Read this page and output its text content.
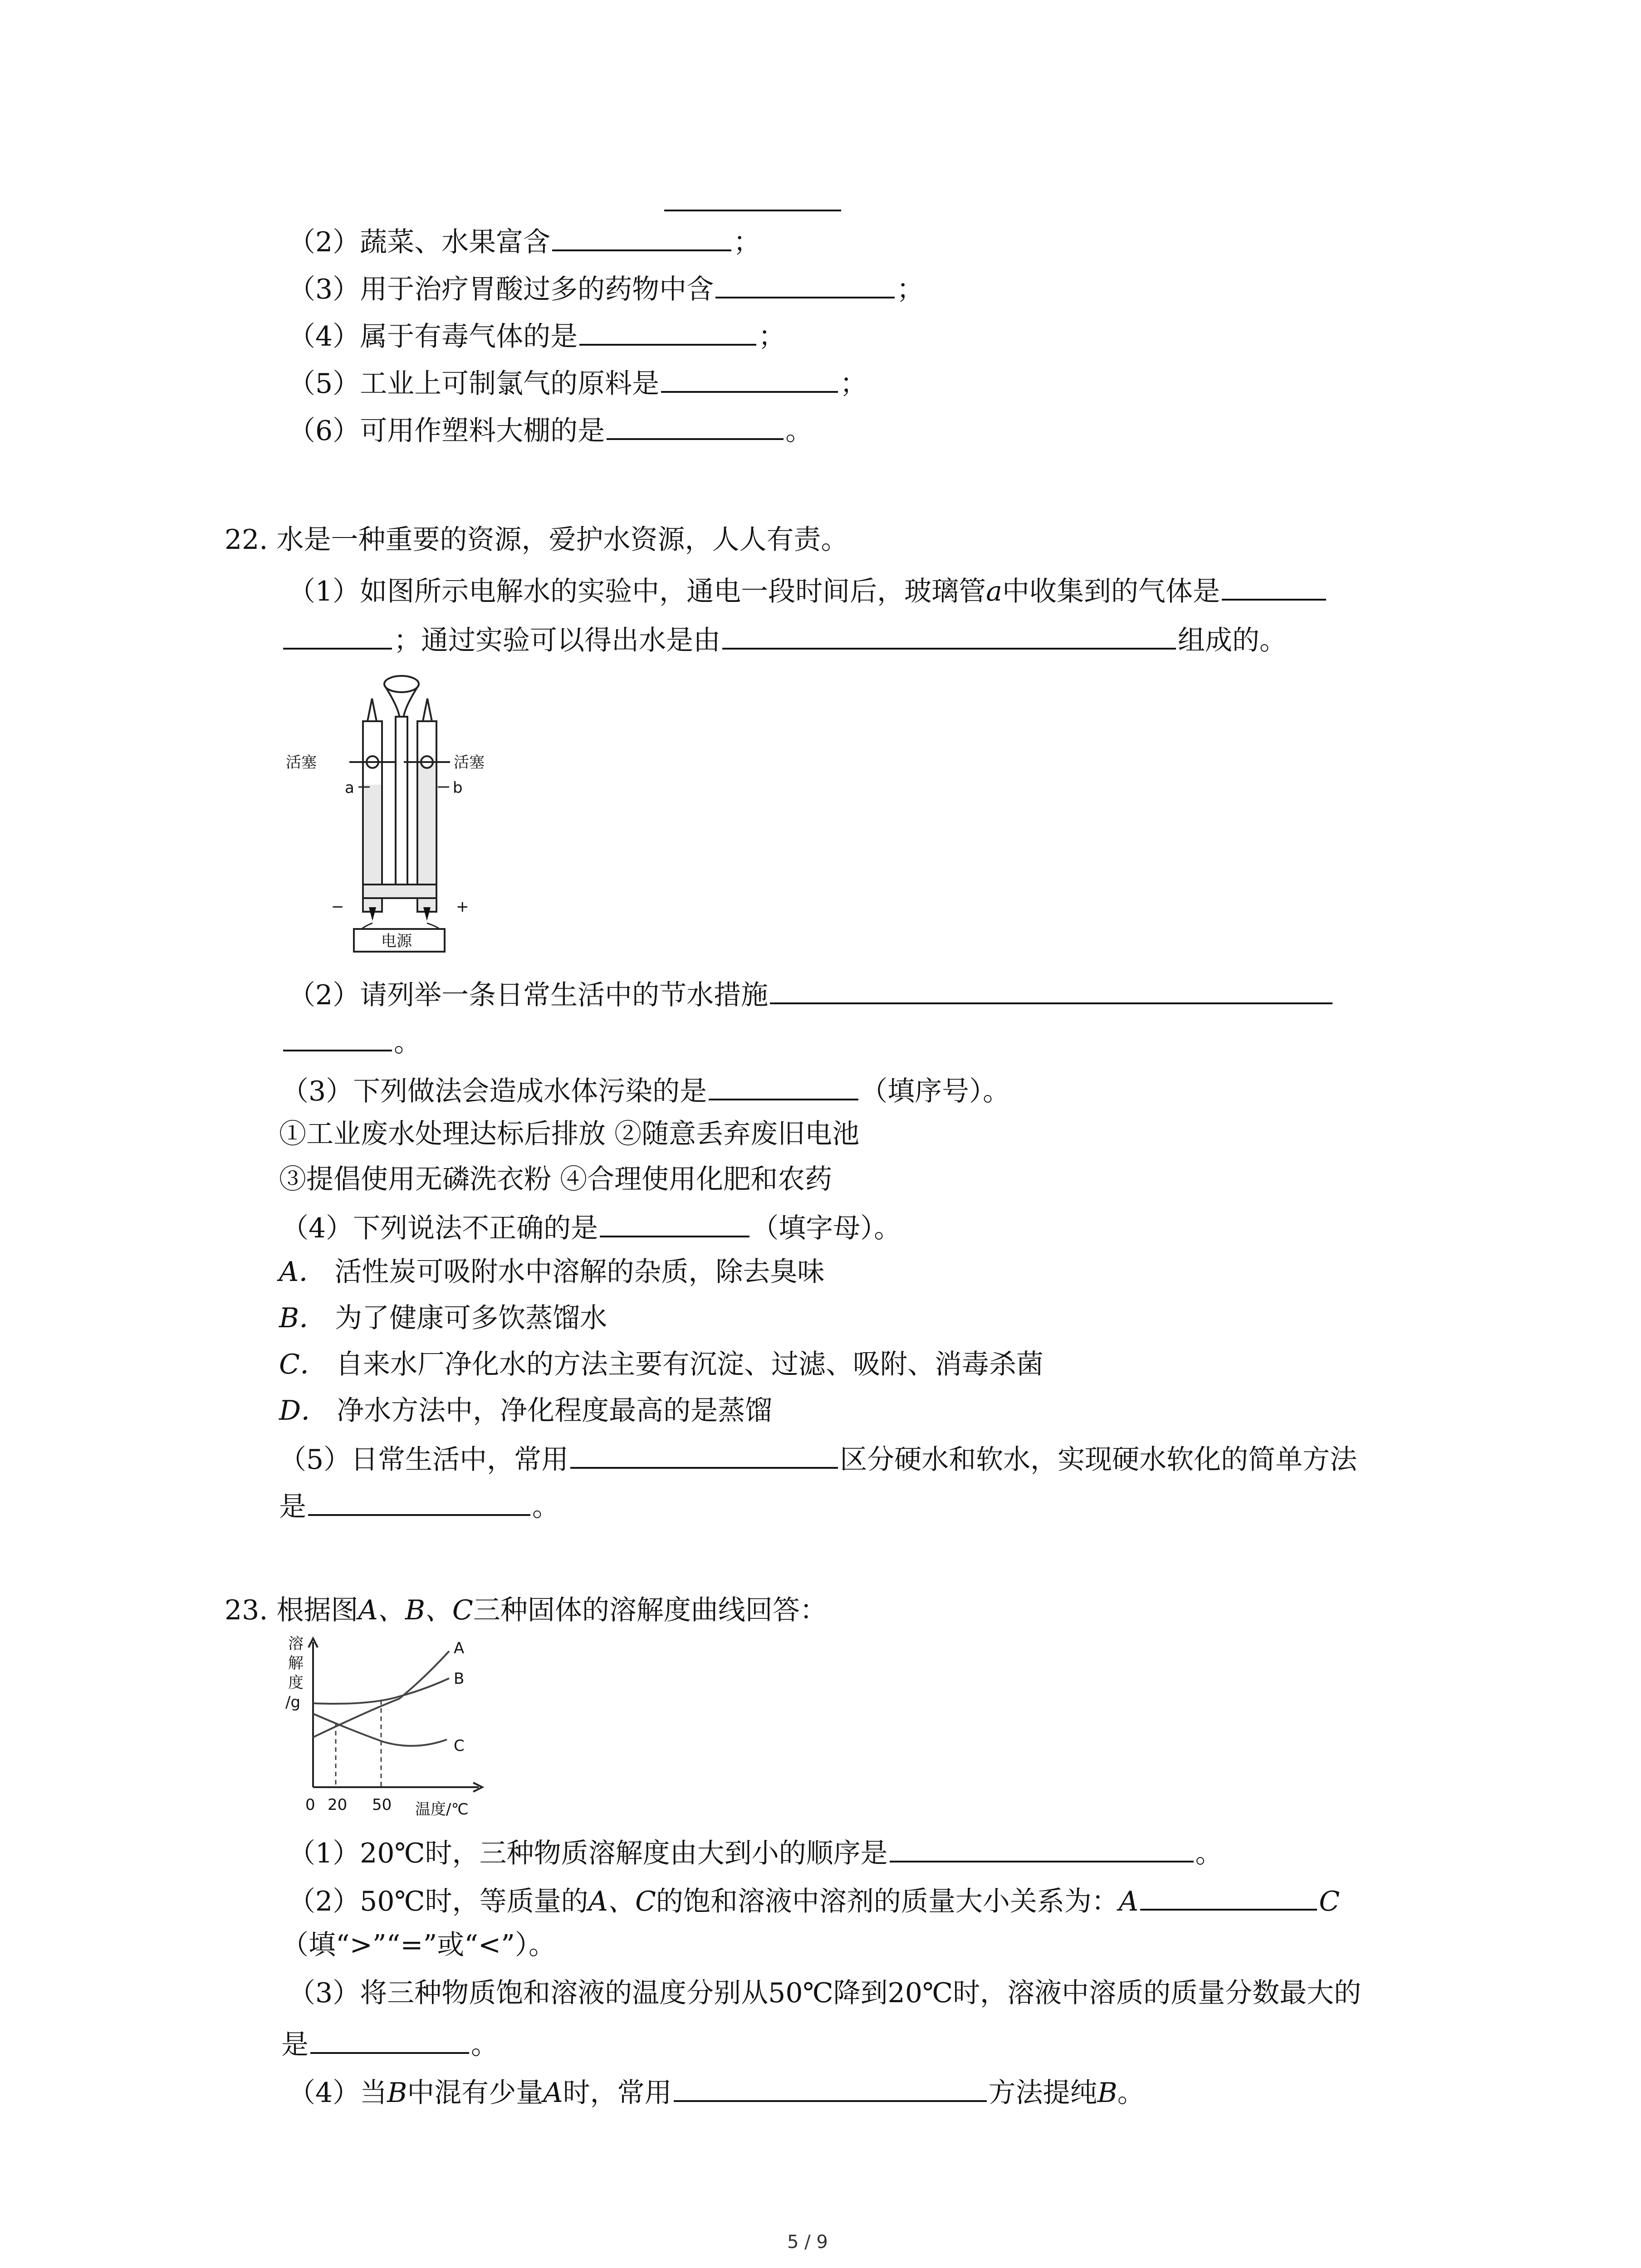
（2）蔬菜、水果富含	；
（3）用于治疗胃酸过多的药物中含	；
（4）属于有毒气体的是	；
（5）工业上可制氯气的原料是	；
（6）可用作塑料大棚的是	。
22. 水是一种重要的资源，爱护水资源，人人有责。
（1）如图所示电解水的实验中，通电一段时间后，玻璃管a中收集到的气体是
；通过实验可以得出水是由	组成的。
活塞	活塞
a	b
−	+
电源
（2）请列举一条日常生活中的节水措施
。
（3）下列做法会造成水体污染的是	（填序号）。
①工业废水处理达标后排放 ②随意丢弃废旧电池
③提倡使用无磷洗衣粉 ④合理使用化肥和农药
（4）下列说法不正确的是	（填字母）。
A． 活性炭可吸附水中溶解的杂质，除去臭味
B． 为了健康可多饮蒸馏水
C． 自来水厂净化水的方法主要有沉淀、过滤、吸附、消毒杀菌
D． 净水方法中，净化程度最高的是蒸馏
（5）日常生活中，常用	区分硬水和软水，实现硬水软化的简单方法
是	。
23. 根据图A、B、C三种固体的溶解度曲线回答：
溶
解
度
/g
A
B
C
0 20 50 温度/℃
（1）20℃时，三种物质溶解度由大到小的顺序是	。
（2）50℃时，等质量的A、C的饱和溶液中溶剂的质量大小关系为：A	C
（填“>”“=”或“<”）。
（3）将三种物质饱和溶液的温度分别从50℃降到20℃时，溶液中溶质的质量分数最大的
是	。
（4）当B中混有少量A时，常用	方法提纯B。
5 / 9
